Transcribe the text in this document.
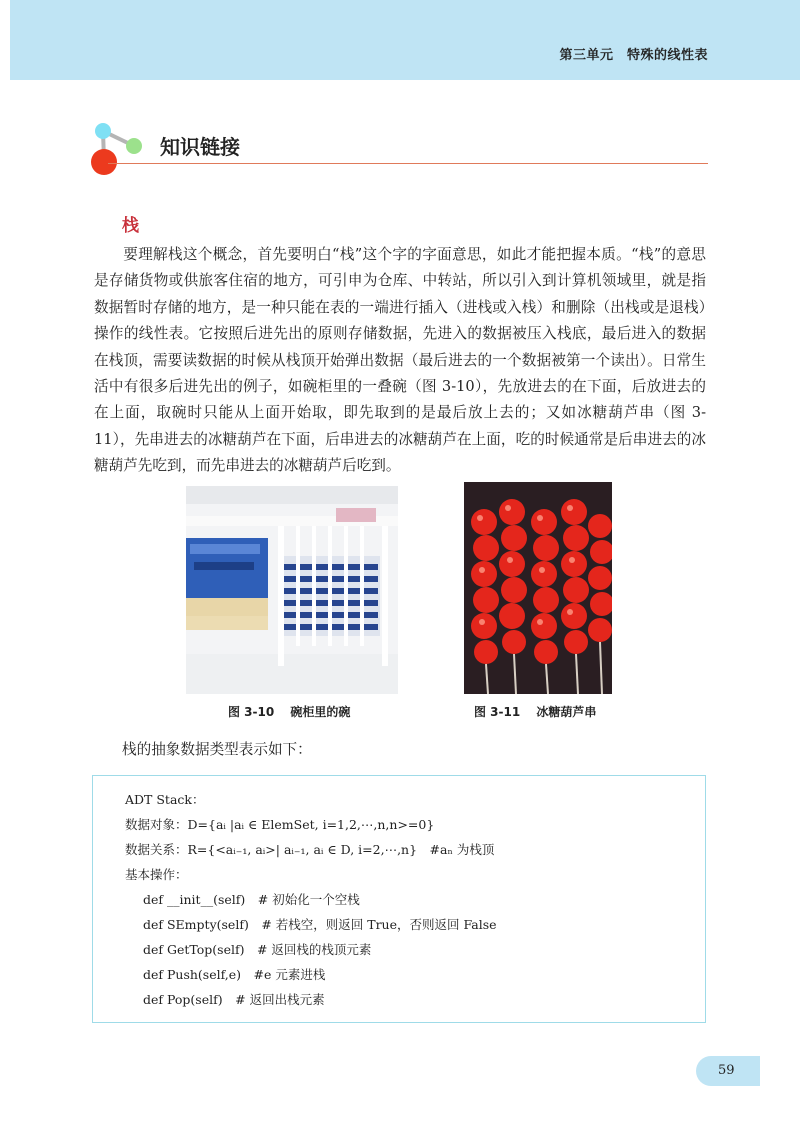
第三单元　特殊的线性表
知识链接
栈
要理解栈这个概念，首先要明白“栈”这个字的字面意思，如此才能把握本质。“栈”的意思是存储货物或供旅客住宿的地方，可引申为仓库、中转站，所以引入到计算机领域里，就是指数据暂时存储的地方，是一种只能在表的一端进行插入（进栈或入栈）和删除（出栈或是退栈）操作的线性表。它按照后进先出的原则存储数据，先进入的数据被压入栈底，最后进入的数据在栈顶，需要读数据的时候从栈顶开始弹出数据（最后进去的一个数据被第一个读出）。日常生活中有很多后进先出的例子，如碗柜里的一叠碗（图 3-10），先放进去的在下面，后放进去的在上面，取碗时只能从上面开始取，即先取到的是最后放上去的；又如冰糖葫芦串（图 3-11），先串进去的冰糖葫芦在下面，后串进去的冰糖葫芦在上面，吃的时候通常是后串进去的冰糖葫芦先吃到，而先串进去的冰糖葫芦后吃到。
图 3-10　 碗柜里的碗	图 3-11　 冰糖葫芦串
栈的抽象数据类型表示如下：
ADT Stack：
数据对象：D={aᵢ |aᵢ ∈ ElemSet, i=1,2,⋯,n,n>=0}
数据关系：R={<aᵢ₋₁, aᵢ>| aᵢ₋₁, aᵢ ∈ D, i=2,⋯,n}　#aₙ 为栈顶
基本操作：
def __init__(self)　# 初始化一个空栈
def SEmpty(self)　# 若栈空，则返回 True，否则返回 False
def GetTop(self)　# 返回栈的栈顶元素
def Push(self,e)　#e 元素进栈
def Pop(self)　# 返回出栈元素
59
